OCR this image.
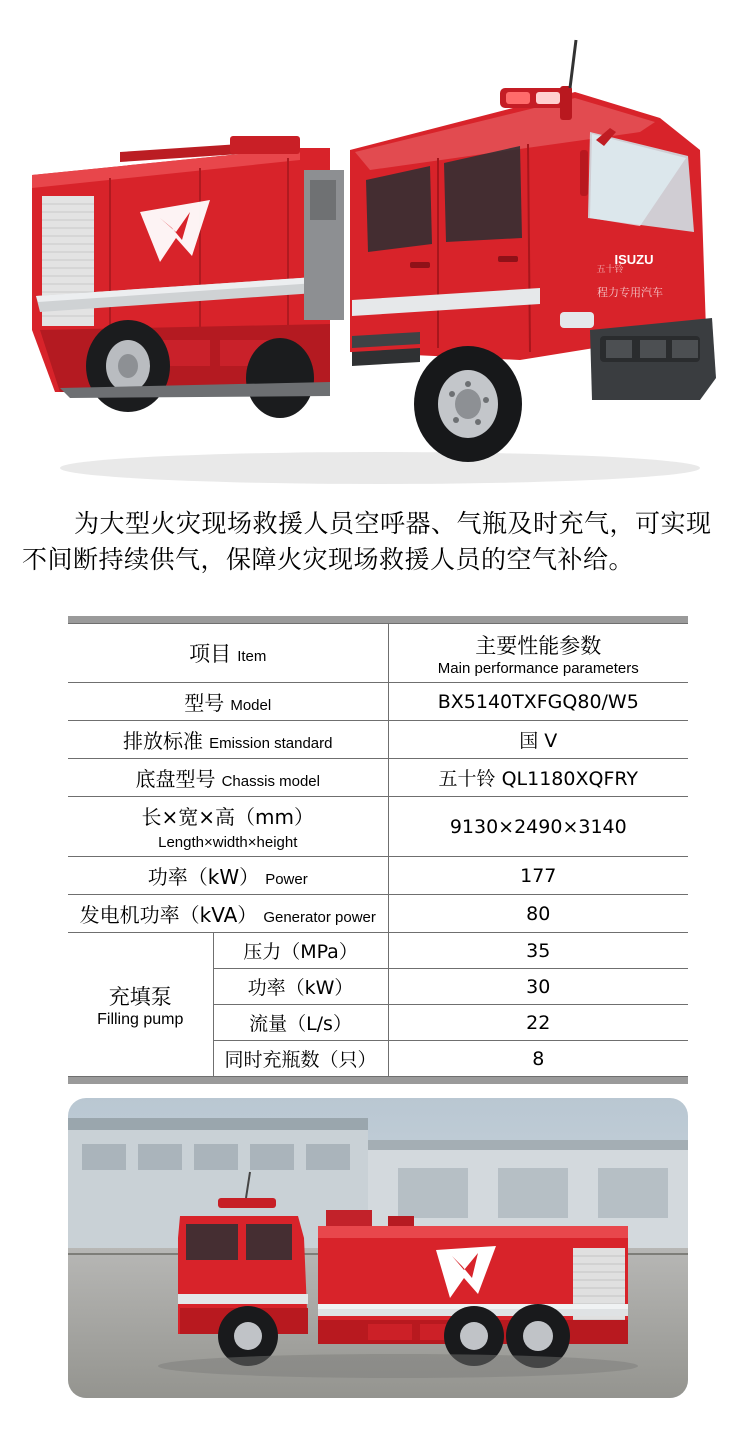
ISUZU
五十铃
程力专用汽车

为大型火灾现场救援人员空呼器、气瓶及时充气，可实现不间断持续供气，保障火灾现场救援人员的空气补给。

项目 Item		主要性能参数
Main performance parameters

型号 Model		BX5140TXFGQ80/W5
排放标准 Emission standard		国 V
底盘型号 Chassis model		五十铃 QL1180XQFRY
长×宽×高（mm） Length×width×height		9130×2490×3140
功率（kW） Power		177
发电机功率（kVA） Generator power		80

充填泵
Filling pump	压力（MPa）	35
	功率（kW）	30
	流量（L/s）	22
	同时充瓶数（只）	8
